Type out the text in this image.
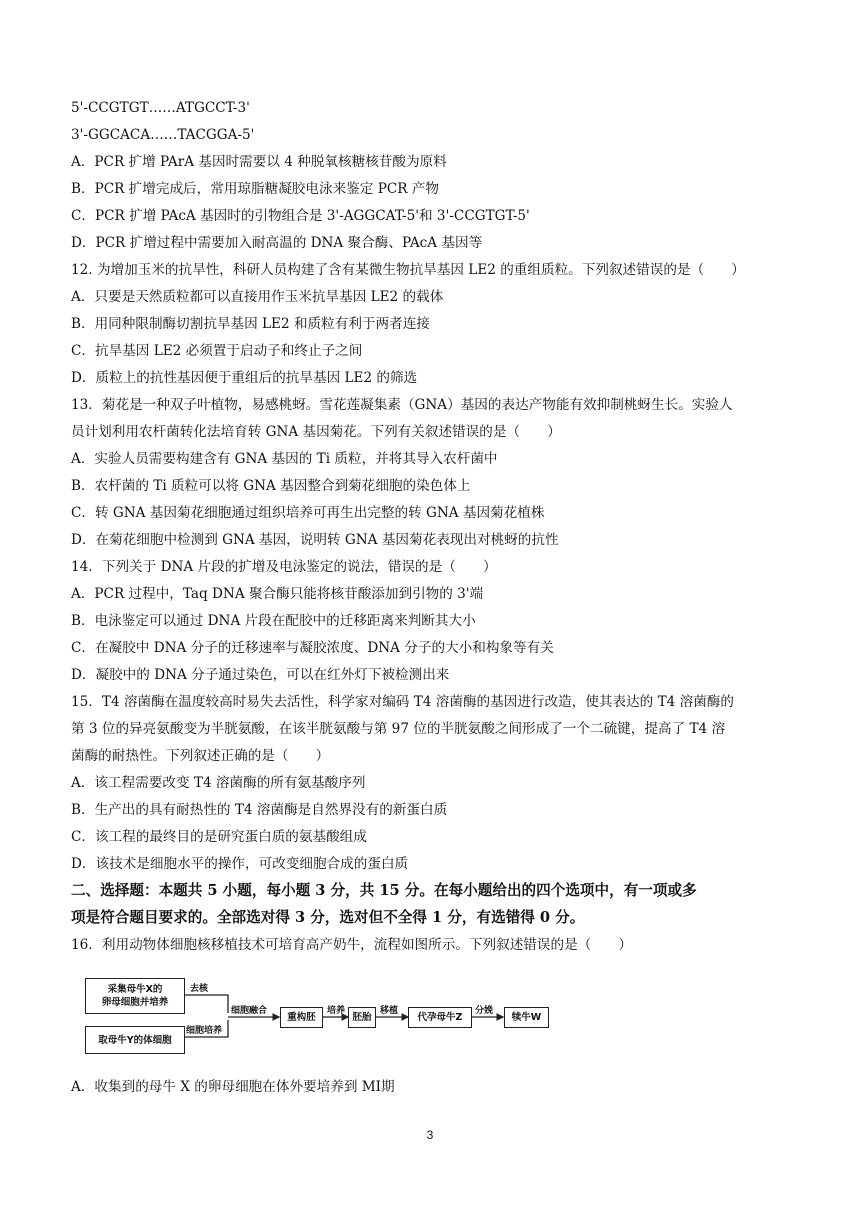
5'-CCGTGT……ATGCCT-3'
3'-GGCACA……TACGGA-5'
A．PCR 扩增 PArA 基因时需要以 4 种脱氧核糖核苷酸为原料
B．PCR 扩增完成后，常用琼脂糖凝胶电泳来鉴定 PCR 产物
C．PCR 扩增 PAcA 基因时的引物组合是 3'-AGGCAT-5'和 3'-CCGTGT-5'
D．PCR 扩增过程中需要加入耐高温的 DNA 聚合酶、PAcA 基因等
12. 为增加玉米的抗旱性，科研人员构建了含有某微生物抗旱基因 LE2 的重组质粒。下列叙述错误的是（　　）
A．只要是天然质粒都可以直接用作玉米抗旱基因 LE2 的载体
B．用同种限制酶切割抗旱基因 LE2 和质粒有利于两者连接
C．抗旱基因 LE2 必须置于启动子和终止子之间
D．质粒上的抗性基因便于重组后的抗旱基因 LE2 的筛选
13．菊花是一种双子叶植物，易感桃蚜。雪花莲凝集素（GNA）基因的表达产物能有效抑制桃蚜生长。实验人
员计划利用农杆菌转化法培育转 GNA 基因菊花。下列有关叙述错误的是（　　）
A．实验人员需要构建含有 GNA 基因的 Ti 质粒，并将其导入农杆菌中
B．农杆菌的 Ti 质粒可以将 GNA 基因整合到菊花细胞的染色体上
C．转 GNA 基因菊花细胞通过组织培养可再生出完整的转 GNA 基因菊花植株
D．在菊花细胞中检测到 GNA 基因，说明转 GNA 基因菊花表现出对桃蚜的抗性
14．下列关于 DNA 片段的扩增及电泳鉴定的说法，错误的是（　　）
A．PCR 过程中，Taq DNA 聚合酶只能将核苷酸添加到引物的 3'端
B．电泳鉴定可以通过 DNA 片段在配胶中的迁移距离来判断其大小
C．在凝胶中 DNA 分子的迁移速率与凝胶浓度、DNA 分子的大小和构象等有关
D．凝胶中的 DNA 分子通过染色，可以在红外灯下被检测出来
15．T4 溶菌酶在温度较高时易失去活性，科学家对编码 T4 溶菌酶的基因进行改造，使其表达的 T4 溶菌酶的
第 3 位的异亮氨酸变为半胱氨酸，在该半胱氨酸与第 97 位的半胱氨酸之间形成了一个二硫键，提高了 T4 溶
菌酶的耐热性。下列叙述正确的是（　　）
A．该工程需要改变 T4 溶菌酶的所有氨基酸序列
B．生产出的具有耐热性的 T4 溶菌酶是自然界没有的新蛋白质
C．该工程的最终目的是研究蛋白质的氨基酸组成
D．该技术是细胞水平的操作，可改变细胞合成的蛋白质
二、选择题：本题共 5 小题，每小题 3 分，共 15 分。在每小题给出的四个选项中，有一项或多
项是符合题目要求的。全部选对得 3 分，选对但不全得 1 分，有选错得 0 分。
16．利用动物体细胞核移植技术可培育高产奶牛，流程如图所示。下列叙述错误的是（　　）
采集母牛X的
卵母细胞并培养
取母牛Y的体细胞
去核
细胞培养
细胞融合
重构胚
培养
胚胎
移植
代孕母牛Z
分娩
犊牛W
A．收集到的母牛 X 的卵母细胞在体外要培养到 MⅠ期
3
